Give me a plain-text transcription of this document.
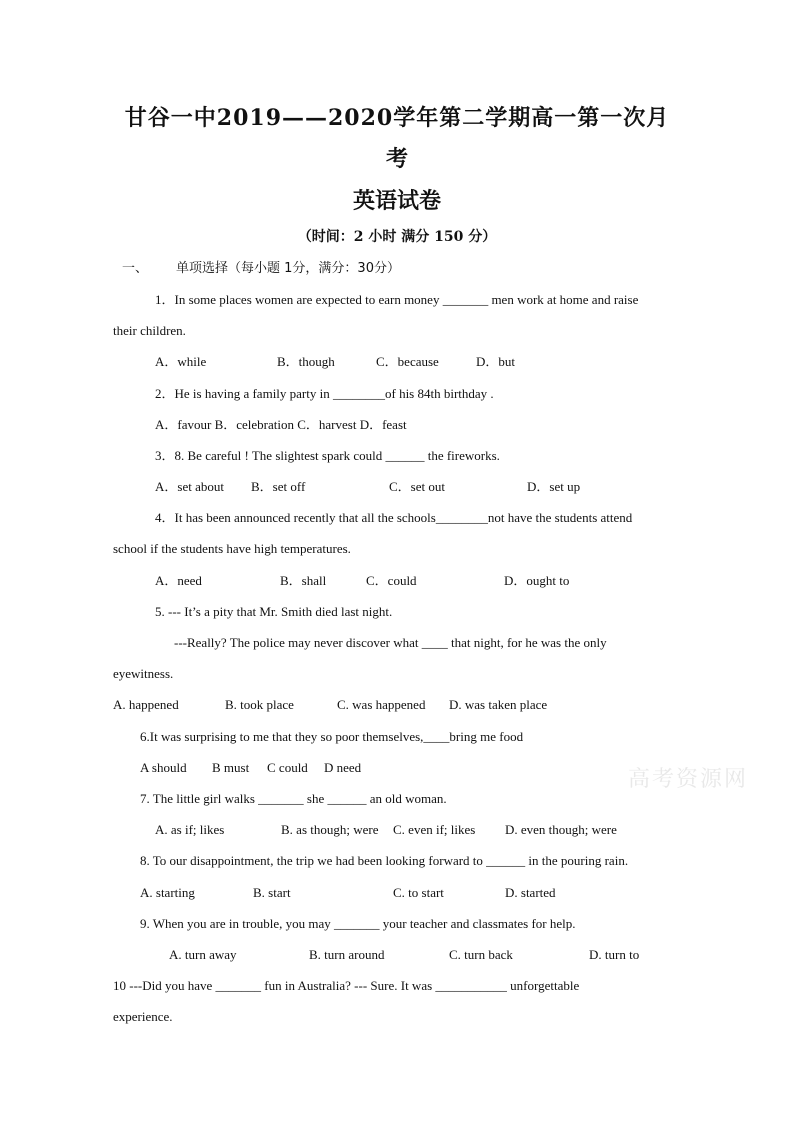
甘谷一中2019——2020学年第二学期高一第一次月
考
英语试卷
（时间：2 小时 满分 150 分）
一、 单项选择（每小题 1分，满分：30分）
1．In some places women are expected to earn money _______ men work at home and raise
their children.
A．while	B．though	C．because	D．but
2．He is having a family party in ________of his 84th birthday .
A．favour B．celebration C．harvest D．feast
3．8. Be careful ! The slightest spark could ______ the fireworks.
A．set about B．set off	C．set out	D．set up
4．It has been announced recently that all the schools________not have the students attend
school if the students have high temperatures.
A．need	B．shall	C．could	D．ought to
5. --- It’s a pity that Mr. Smith died last night.
---Really? The police may never discover what ____ that night, for he was the only
eyewitness.
A. happened	B. took place	C. was happened D. was taken place
6.It was surprising to me that they so poor themselves,____bring me food
A should B must C could D need
7. The little girl walks _______ she ______ an old woman.
A. as if; likes	B. as though; were C. even if; likes D. even though; were
8. To our disappointment, the trip we had been looking forward to ______ in the pouring rain.
A. starting	B. start	C. to start	D. started
9. When you are in trouble, you may _______ your teacher and classmates for help.
A. turn away	B. turn around	C. turn back	D. turn to
10 ---Did you have _______ fun in Australia? --- Sure. It was ___________ unforgettable
experience.
高考资源网
